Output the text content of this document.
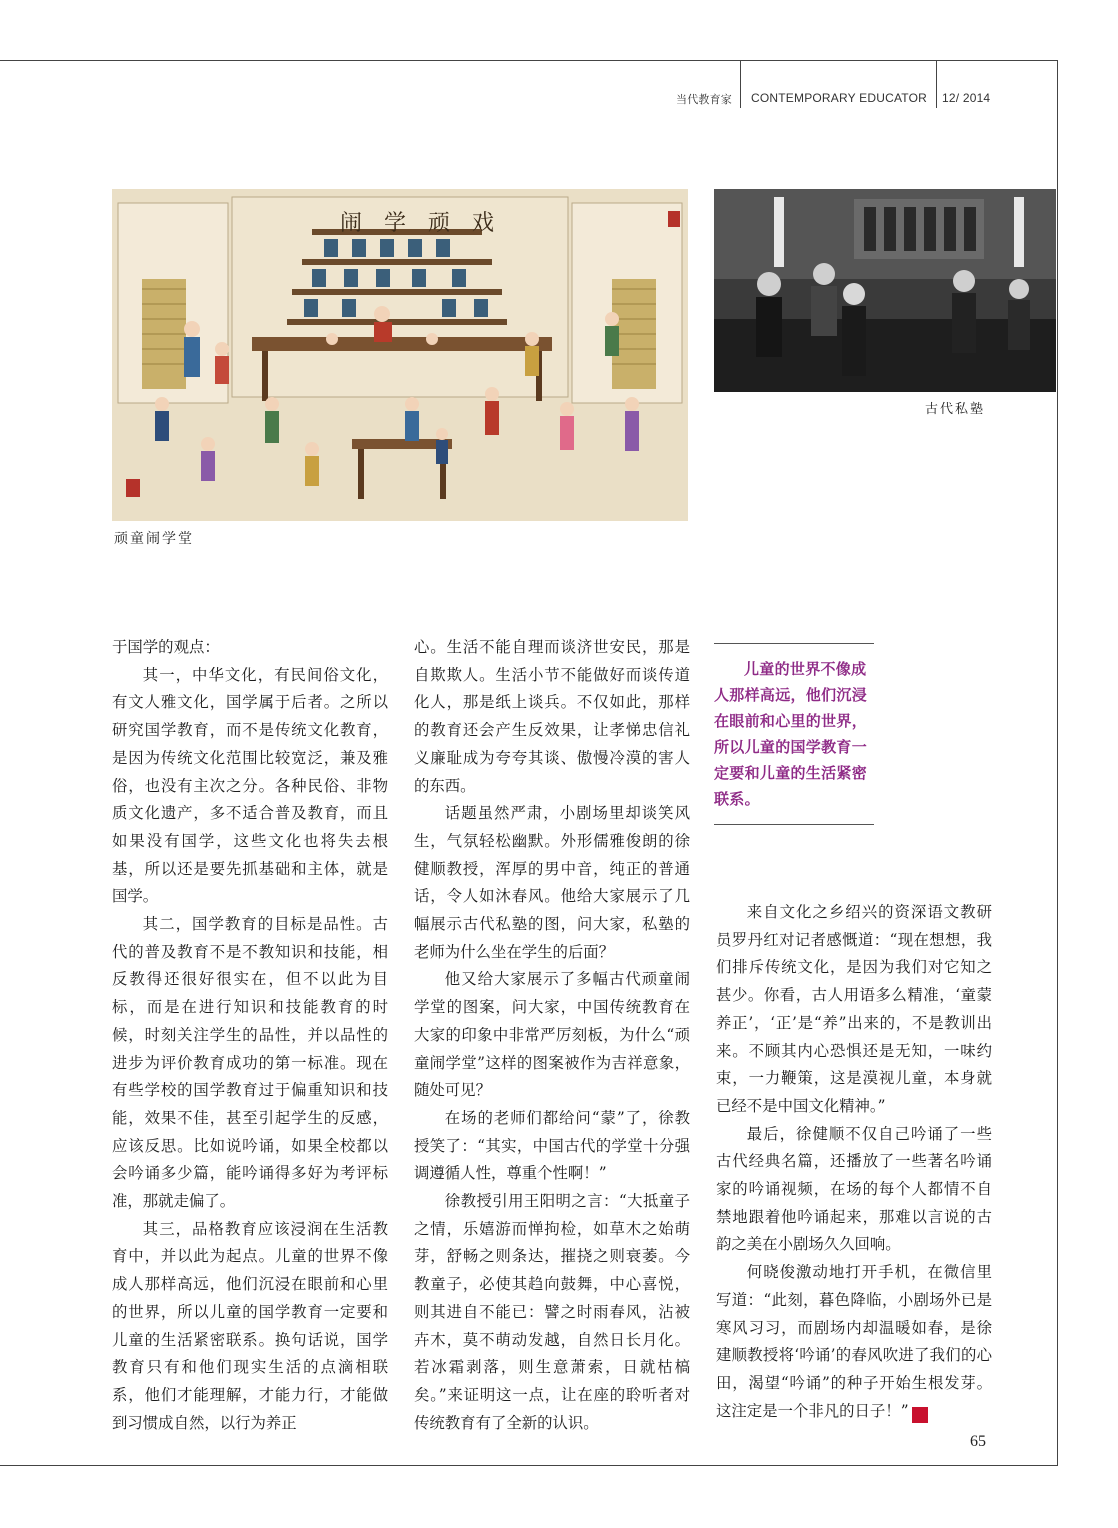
当代教育家 CONTEMPORARY EDUCATOR 12/ 2014
闹学顽戏
顽童闹学堂
古代私塾

于国学的观点：

其一，中华文化，有民间俗文化，有文人雅文化，国学属于后者。之所以研究国学教育，而不是传统文化教育，是因为传统文化范围比较宽泛，兼及雅俗，也没有主次之分。各种民俗、非物质文化遗产，多不适合普及教育，而且如果没有国学，这些文化也将失去根基，所以还是要先抓基础和主体，就是国学。

其二，国学教育的目标是品性。古代的普及教育不是不教知识和技能，相反教得还很好很实在，但不以此为目标，而是在进行知识和技能教育的时候，时刻关注学生的品性，并以品性的进步为评价教育成功的第一标准。现在有些学校的国学教育过于偏重知识和技能，效果不佳，甚至引起学生的反感，应该反思。比如说吟诵，如果全校都以会吟诵多少篇，能吟诵得多好为考评标准，那就走偏了。

其三，品格教育应该浸润在生活教育中，并以此为起点。儿童的世界不像成人那样高远，他们沉浸在眼前和心里的世界，所以儿童的国学教育一定要和儿童的生活紧密联系。换句话说，国学教育只有和他们现实生活的点滴相联系，他们才能理解，才能力行，才能做到习惯成自然，以行为养正

心。生活不能自理而谈济世安民，那是自欺欺人。生活小节不能做好而谈传道化人，那是纸上谈兵。不仅如此，那样的教育还会产生反效果，让孝悌忠信礼义廉耻成为夸夸其谈、傲慢冷漠的害人的东西。

话题虽然严肃，小剧场里却谈笑风生，气氛轻松幽默。外形儒雅俊朗的徐健顺教授，浑厚的男中音，纯正的普通话，令人如沐春风。他给大家展示了几幅展示古代私塾的图，问大家，私塾的老师为什么坐在学生的后面？

他又给大家展示了多幅古代顽童闹学堂的图案，问大家，中国传统教育在大家的印象中非常严厉刻板，为什么“顽童闹学堂”这样的图案被作为吉祥意象，随处可见？

在场的老师们都给问“蒙”了，徐教授笑了：“其实，中国古代的学堂十分强调遵循人性，尊重个性啊！”

徐教授引用王阳明之言：“大抵童子之情，乐嬉游而惮拘检，如草木之始萌芽，舒畅之则条达，摧挠之则衰萎。今教童子，必使其趋向鼓舞，中心喜悦，则其进自不能已：譬之时雨春风，沾被卉木，莫不萌动发越，自然日长月化。若冰霜剥落，则生意萧索，日就枯槁矣。”来证明这一点，让在座的聆听者对传统教育有了全新的认识。

儿童的世界不像成人那样高远，他们沉浸在眼前和心里的世界，所以儿童的国学教育一定要和儿童的生活紧密联系。

来自文化之乡绍兴的资深语文教研员罗丹红对记者感慨道：“现在想想，我们排斥传统文化，是因为我们对它知之甚少。你看，古人用语多么精准，‘童蒙养正’，‘正’是“养”出来的，不是教训出来。不顾其内心恐惧还是无知，一味约束，一力鞭策，这是漠视儿童，本身就已经不是中国文化精神。”

最后，徐健顺不仅自己吟诵了一些古代经典名篇，还播放了一些著名吟诵家的吟诵视频，在场的每个人都情不自禁地跟着他吟诵起来，那难以言说的古韵之美在小剧场久久回响。

何晓俊激动地打开手机，在微信里写道：“此刻，暮色降临，小剧场外已是寒风习习，而剧场内却温暖如春，是徐建顺教授将‘吟诵’的春风吹进了我们的心田，渴望“吟诵”的种子开始生根发芽。这注定是一个非凡的日子！”	家

65
